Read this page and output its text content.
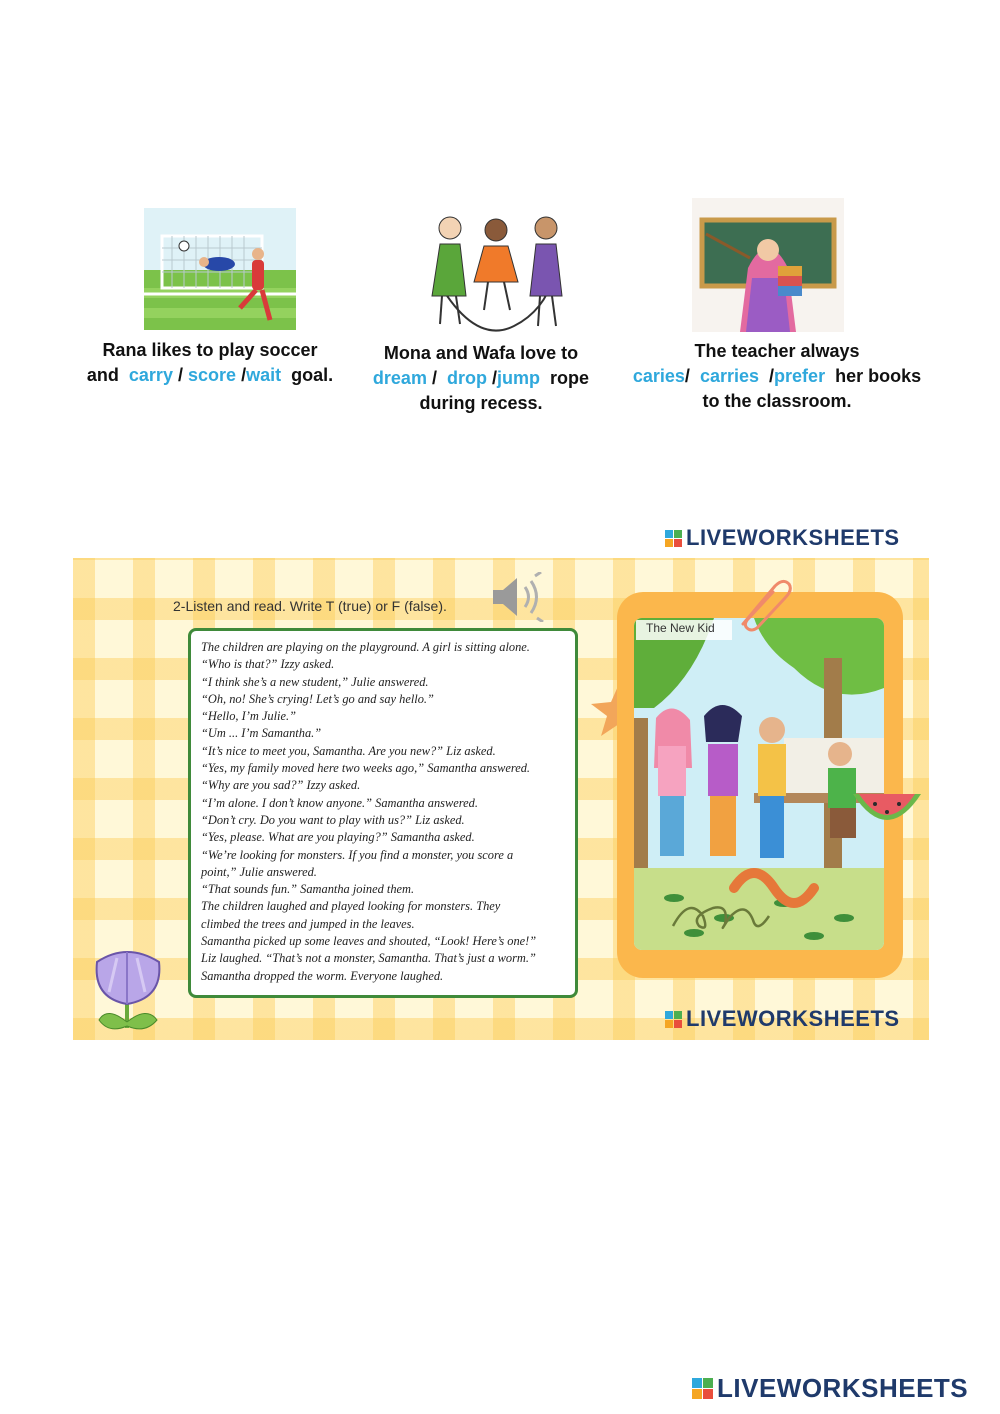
Rana likes to play soccer
and carry / score /wait goal.
Mona and Wafa love to
dream / drop /jump rope
during recess.
The teacher always
caries/ carries /prefer her books
to the classroom.
LIVEWORKSHEETS
2-Listen and read. Write T (true) or F (false).
The children are playing on the playground. A girl is sitting alone.
“Who is that?” Izzy asked.
“I think she’s a new student,” Julie answered.
“Oh, no! She’s crying! Let’s go and say hello.”
“Hello, I’m Julie.”
“Um ... I’m Samantha.”
“It’s nice to meet you, Samantha. Are you new?” Liz asked.
“Yes, my family moved here two weeks ago,” Samantha answered.
“Why are you sad?” Izzy asked.
“I’m alone. I don’t know anyone.” Samantha answered.
“Don’t cry. Do you want to play with us?” Liz asked.
“Yes, please. What are you playing?” Samantha asked.
“We’re looking for monsters. If you find a monster, you score a
point,” Julie answered.
“That sounds fun.” Samantha joined them.
The children laughed and played looking for monsters. They
climbed the trees and jumped in the leaves.
Samantha picked up some leaves and shouted, “Look! Here’s one!”
Liz laughed. “That’s not a monster, Samantha. That’s just a worm.”
Samantha dropped the worm. Everyone laughed.
The New Kid
LIVEWORKSHEETS
LIVEWORKSHEETS
